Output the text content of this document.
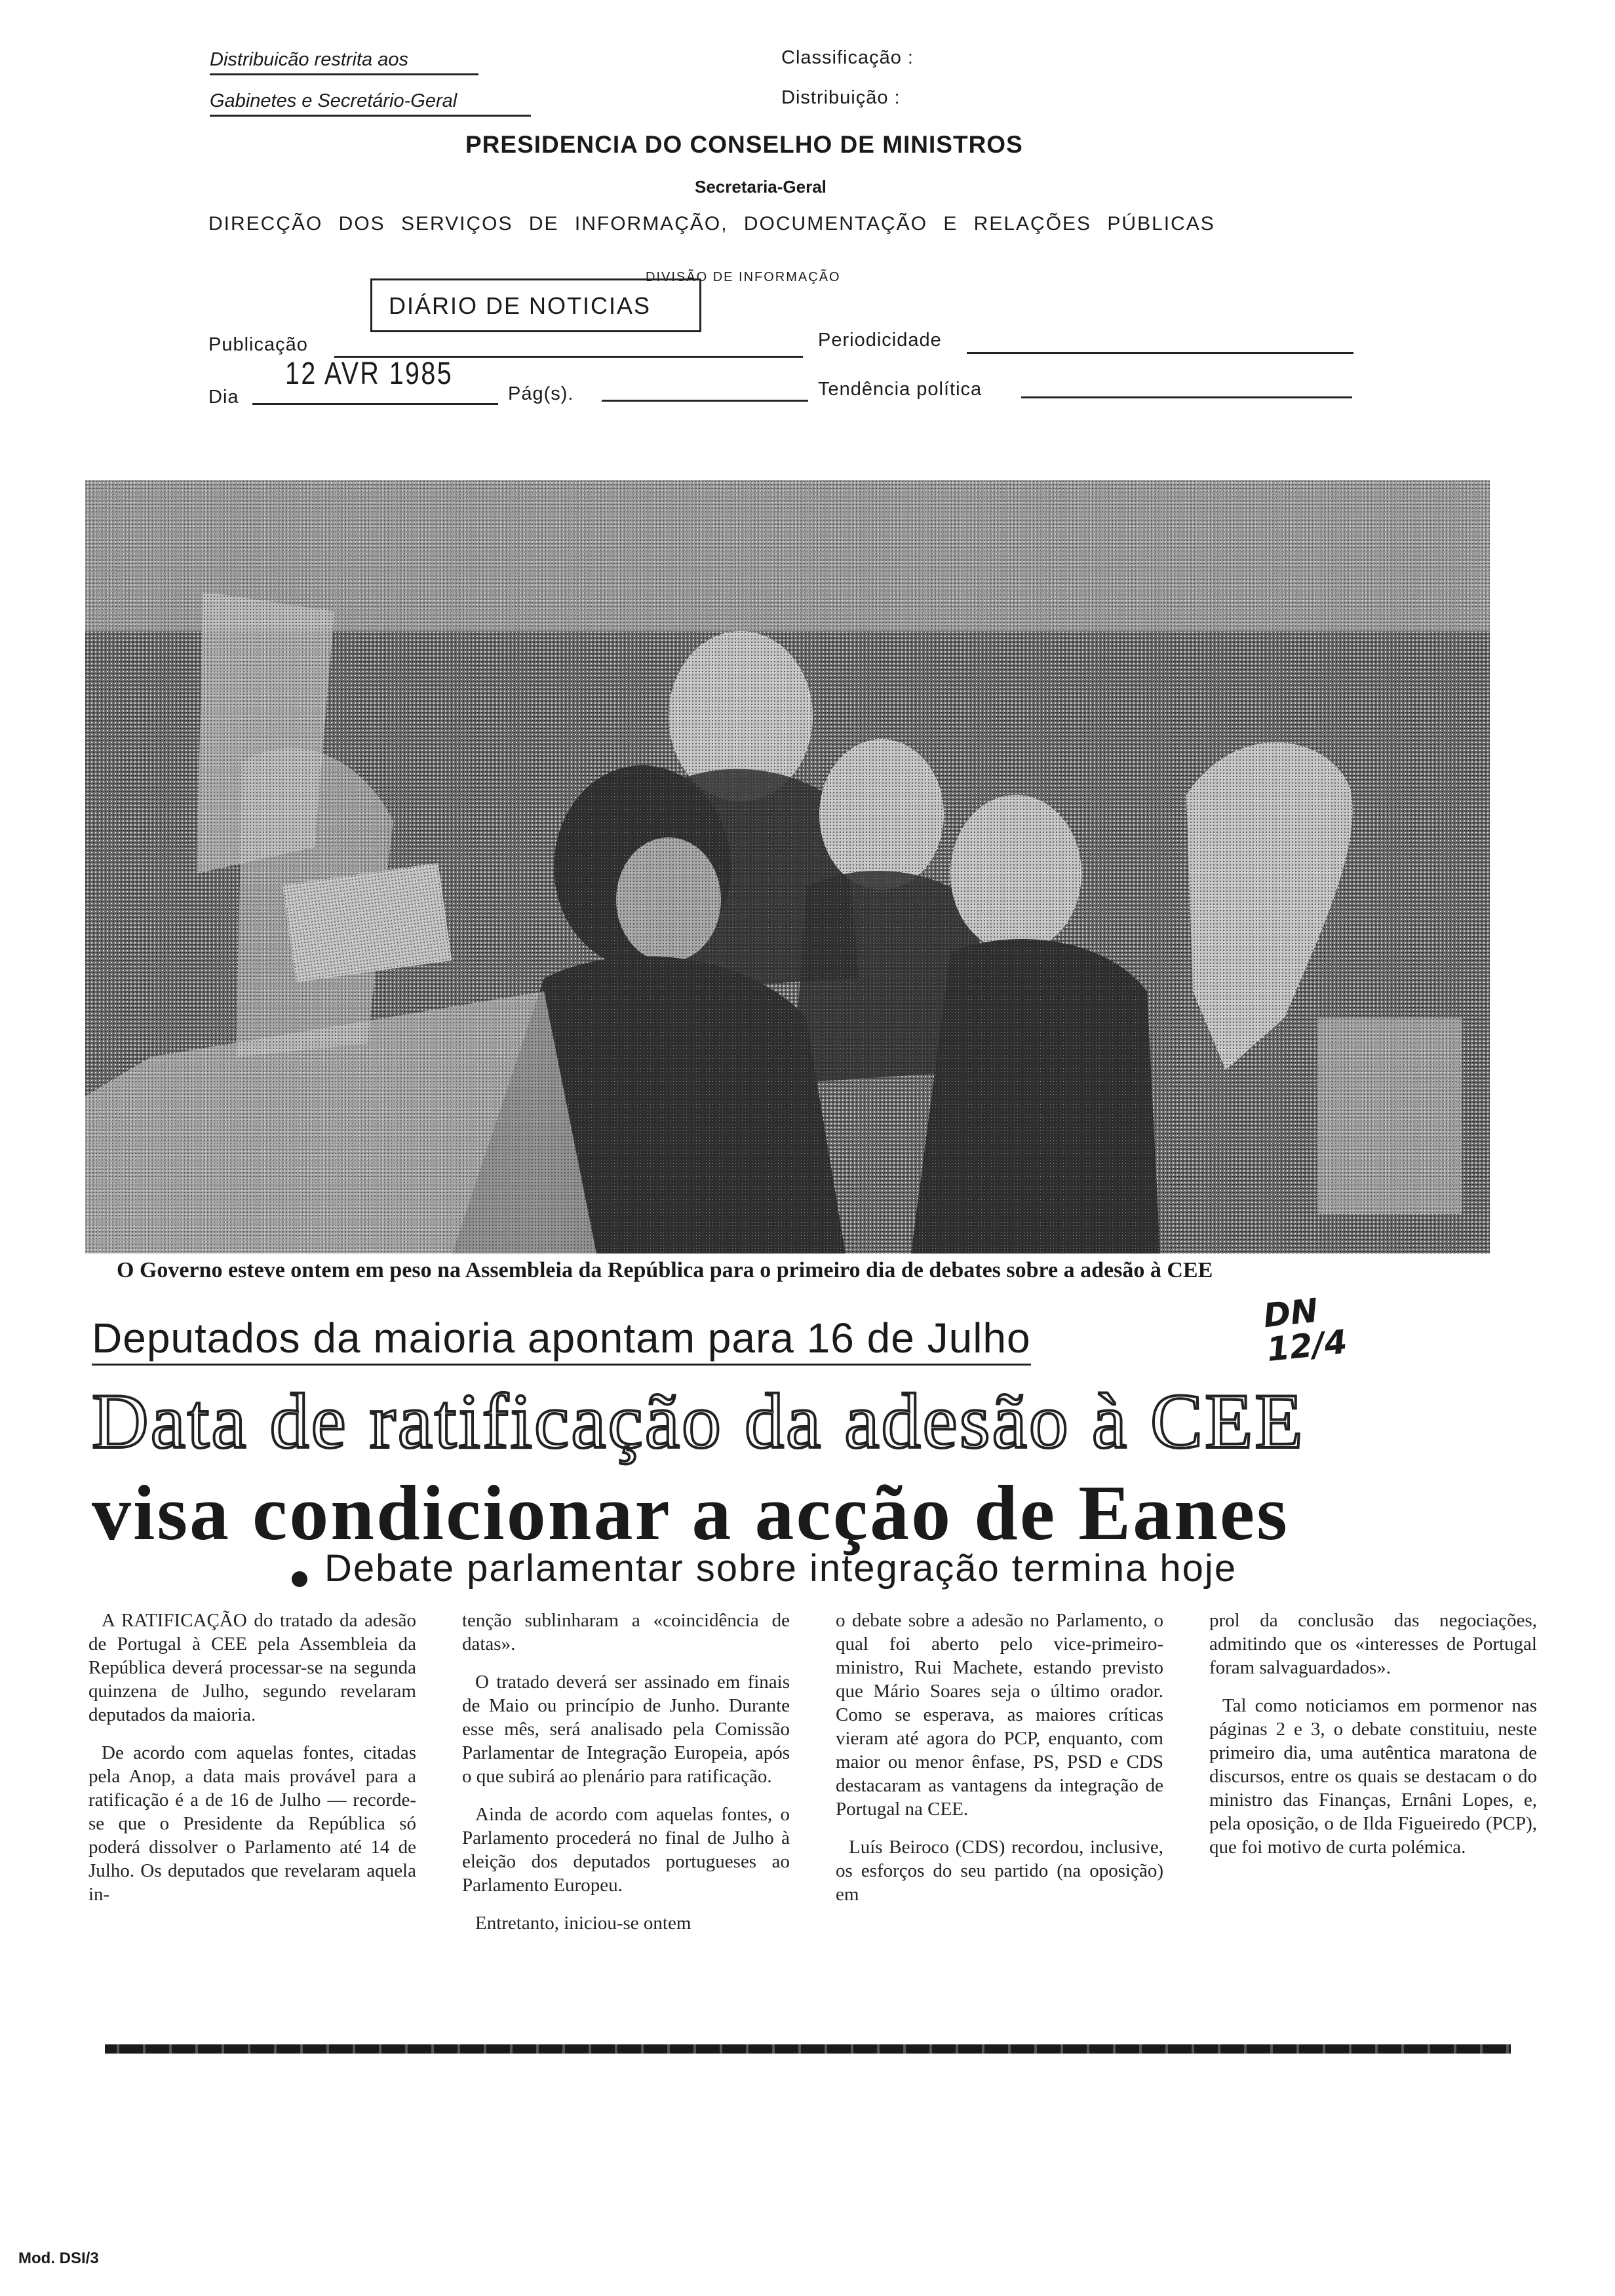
Distribuicão restrita aos
Gabinetes e Secretário-Geral
Classificação :
Distribuição :
PRESIDENCIA DO CONSELHO DE MINISTROS
Secretaria-Geral
DIRECÇÃO DOS SERVIÇOS DE INFORMAÇÃO, DOCUMENTAÇÃO E RELAÇÕES PÚBLICAS
DIVISÃO DE INFORMAÇÃO
DIÁRIO DE NOTICIAS
Publicação	Periodicidade
Dia
12 AVR 1985
Pág(s).	Tendência política
O Governo esteve ontem em peso na Assembleia da República para o primeiro dia de debates sobre a adesão à CEE
Deputados da maioria apontam para 16 de Julho
DN 12/4
Data de ratificação da adesão à CEE
visa condicionar a acção de Eanes
Debate parlamentar sobre integração termina hoje

A RATIFICAÇÃO do tratado da adesão de Portugal à CEE pela Assembleia da República deverá processar-se na segunda quinzena de Julho, segundo revelaram deputados da maioria.

De acordo com aquelas fontes, citadas pela Anop, a data mais provável para a ratificação é a de 16 de Julho — recorde-se que o Presidente da República só poderá dissolver o Parlamento até 14 de Julho. Os deputados que revelaram aquela in-

tenção sublinharam a «coincidência de datas».

O tratado deverá ser assinado em finais de Maio ou princípio de Junho. Durante esse mês, será analisado pela Comissão Parlamentar de Integração Europeia, após o que subirá ao plenário para ratificação.

Ainda de acordo com aquelas fontes, o Parlamento procederá no final de Julho à eleição dos deputados portugueses ao Parlamento Europeu.

Entretanto, iniciou-se ontem

o debate sobre a adesão no Parlamento, o qual foi aberto pelo vice-primeiro-ministro, Rui Machete, estando previsto que Mário Soares seja o último orador. Como se esperava, as maiores críticas vieram até agora do PCP, enquanto, com maior ou menor ênfase, PS, PSD e CDS destacaram as vantagens da integração de Portugal na CEE.

Luís Beiroco (CDS) recordou, inclusive, os esforços do seu partido (na oposição) em

prol da conclusão das negociações, admitindo que os «interesses de Portugal foram salvaguardados».

Tal como noticiamos em pormenor nas páginas 2 e 3, o debate constituiu, neste primeiro dia, uma autêntica maratona de discursos, entre os quais se destacam o do ministro das Finanças, Ernâni Lopes, e, pela oposição, o de Ilda Figueiredo (PCP), que foi motivo de curta polémica.

Mod. DSI/3
